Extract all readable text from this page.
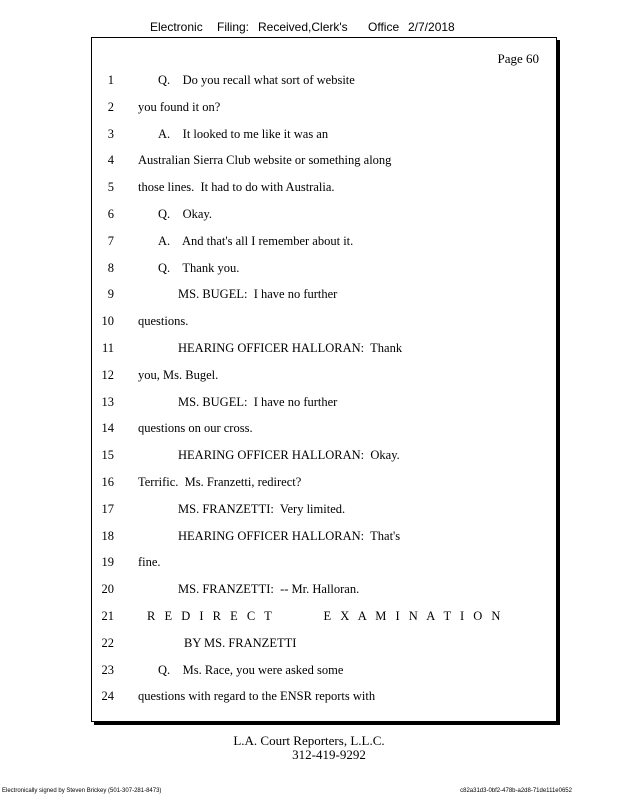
Electronic Filing: Received,Clerk's Office 2/7/2018
Page 60
1	Q.    Do you recall what sort of website
2 you found it on?
3	A.    It looked to me like it was an
4 Australian Sierra Club website or something along
5 those lines.  It had to do with Australia.
6	Q.    Okay.
7	A.    And that's all I remember about it.
8	Q.    Thank you.
9	MS. BUGEL:  I have no further
10 questions.
11	HEARING OFFICER HALLORAN:  Thank
12 you, Ms. Bugel.
13	MS. BUGEL:  I have no further
14 questions on our cross.
15	HEARING OFFICER HALLORAN:  Okay.
16 Terrific.  Ms. Franzetti, redirect?
17	MS. FRANZETTI:  Very limited.
18	HEARING OFFICER HALLORAN:  That's
19 fine.
20	MS. FRANZETTI:  -- Mr. Halloran.
21	R E D I R E C T        E X A M I N A T I O N
22	BY MS. FRANZETTI
23	Q.    Ms. Race, you were asked some
24 questions with regard to the ENSR reports with
L.A. Court Reporters, L.L.C.
312-419-9292
Electronically signed by Steven Brickey (501-307-281-8473)	c82a31d3-0bf2-478b-a2d8-71de111e0652
